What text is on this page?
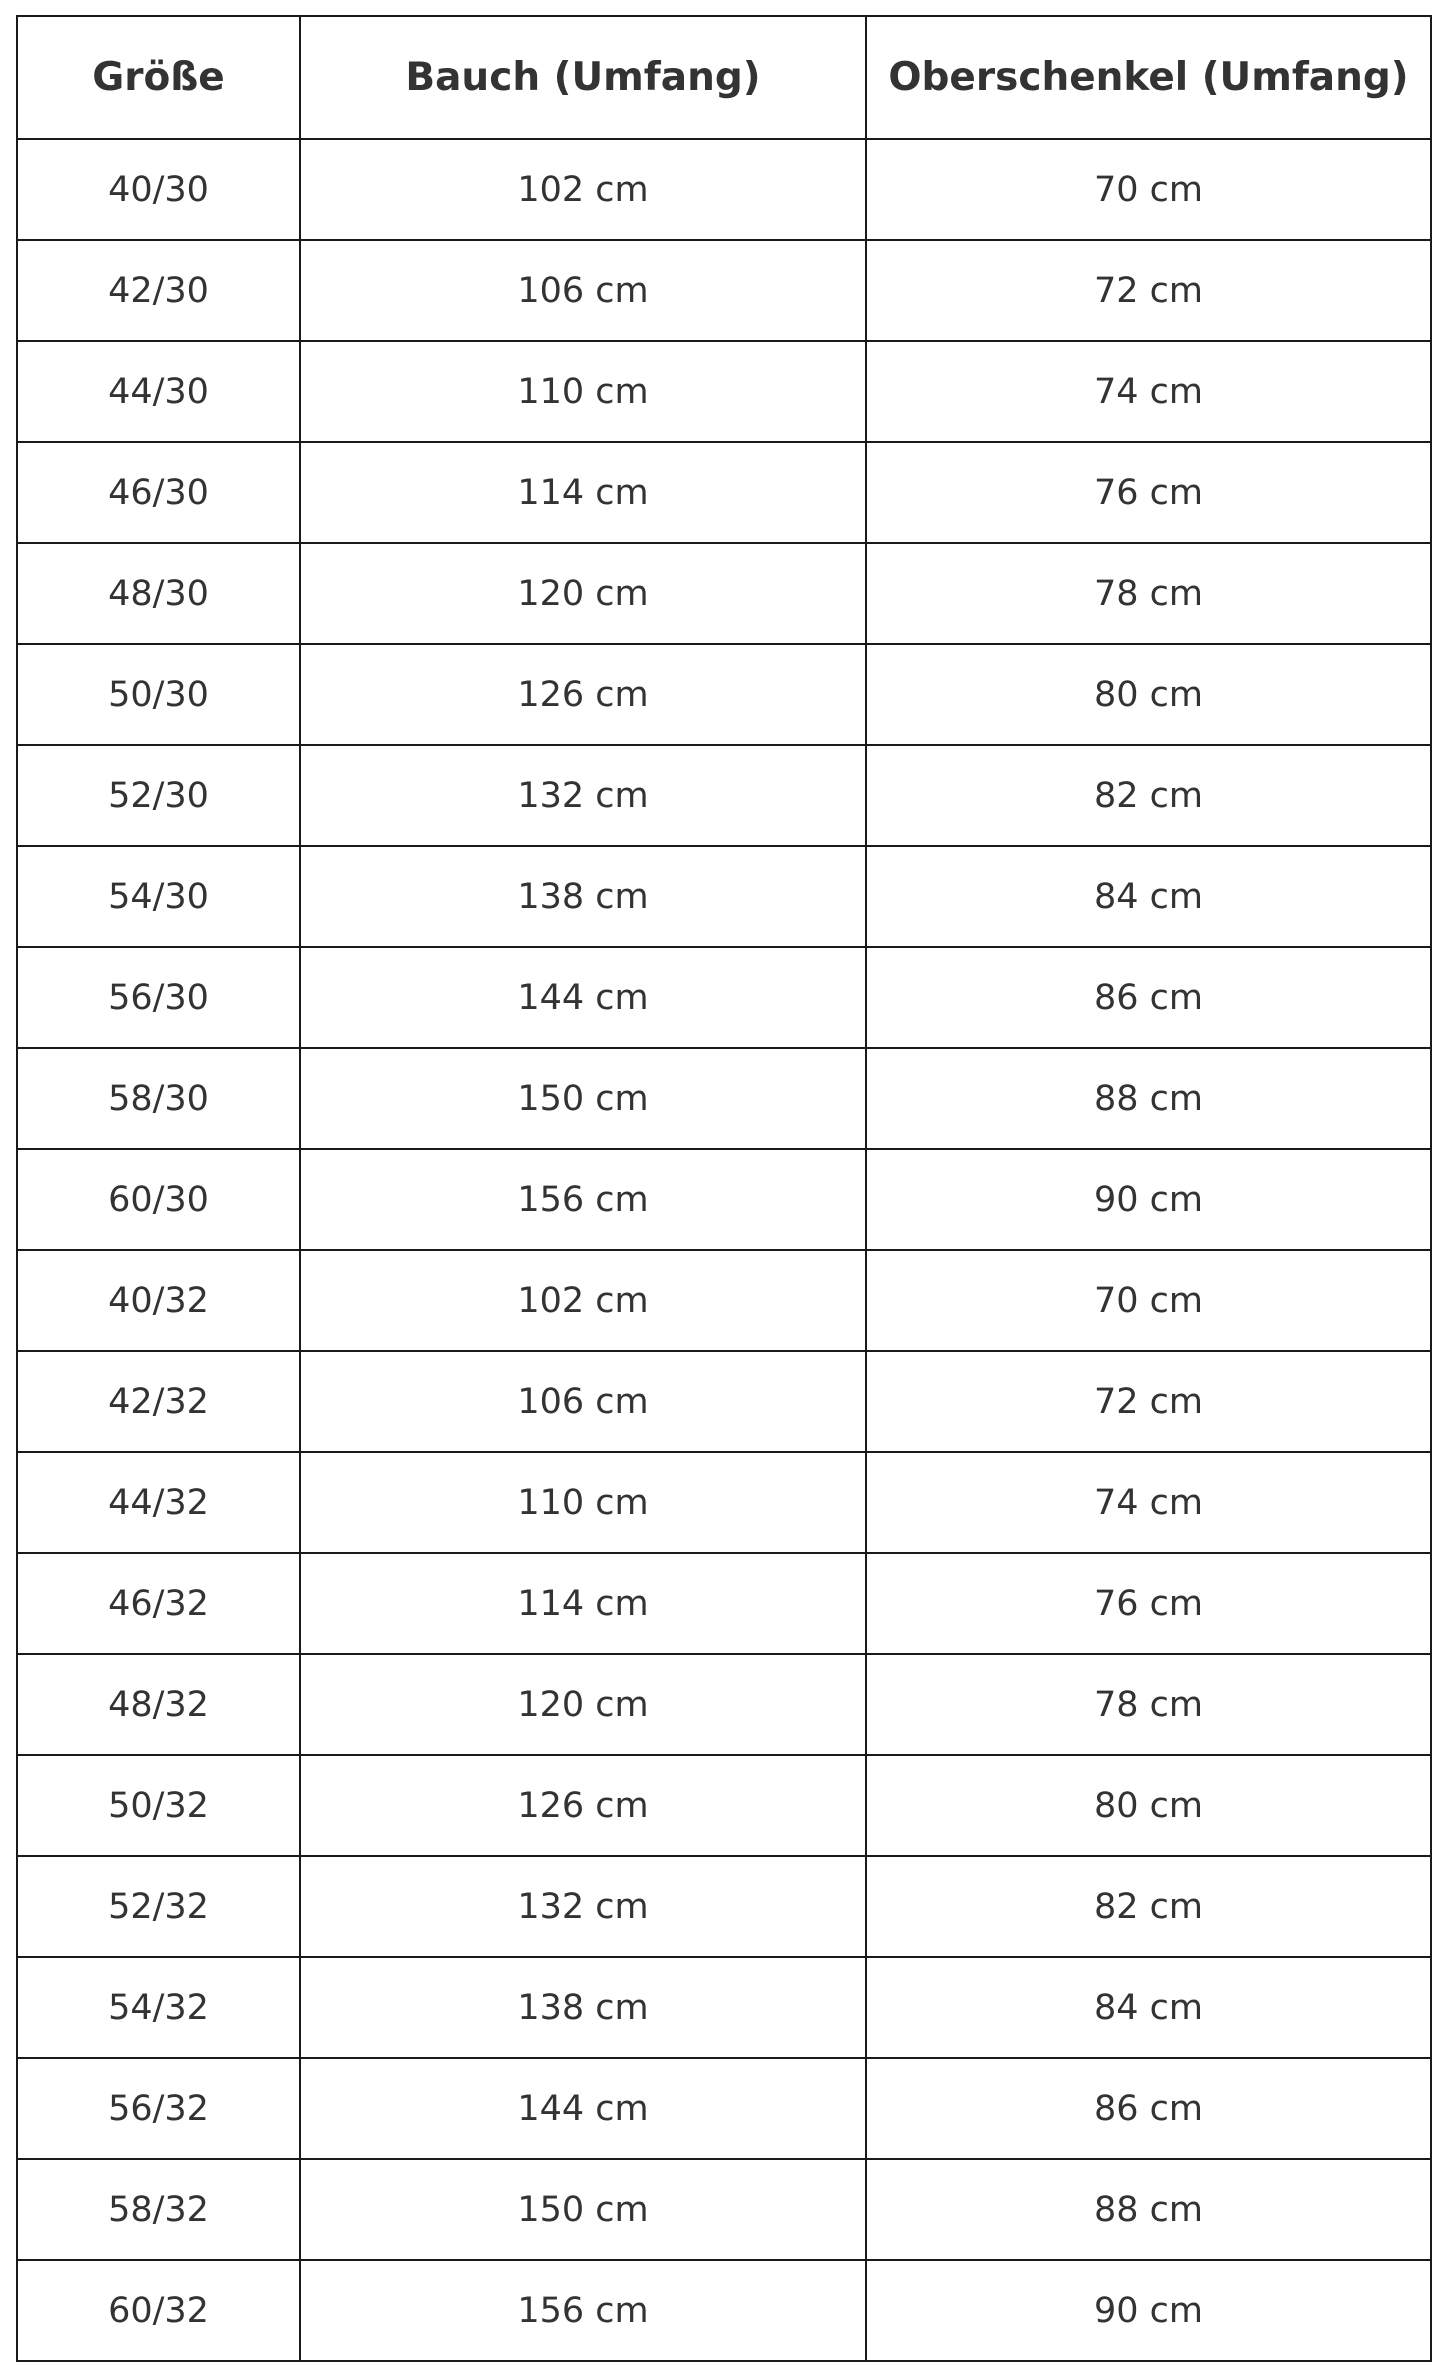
Größe	Bauch (Umfang)	Oberschenkel (Umfang)
40/30	102 cm	70 cm
42/30	106 cm	72 cm
44/30	110 cm	74 cm
46/30	114 cm	76 cm
48/30	120 cm	78 cm
50/30	126 cm	80 cm
52/30	132 cm	82 cm
54/30	138 cm	84 cm
56/30	144 cm	86 cm
58/30	150 cm	88 cm
60/30	156 cm	90 cm
40/32	102 cm	70 cm
42/32	106 cm	72 cm
44/32	110 cm	74 cm
46/32	114 cm	76 cm
48/32	120 cm	78 cm
50/32	126 cm	80 cm
52/32	132 cm	82 cm
54/32	138 cm	84 cm
56/32	144 cm	86 cm
58/32	150 cm	88 cm
60/32	156 cm	90 cm
